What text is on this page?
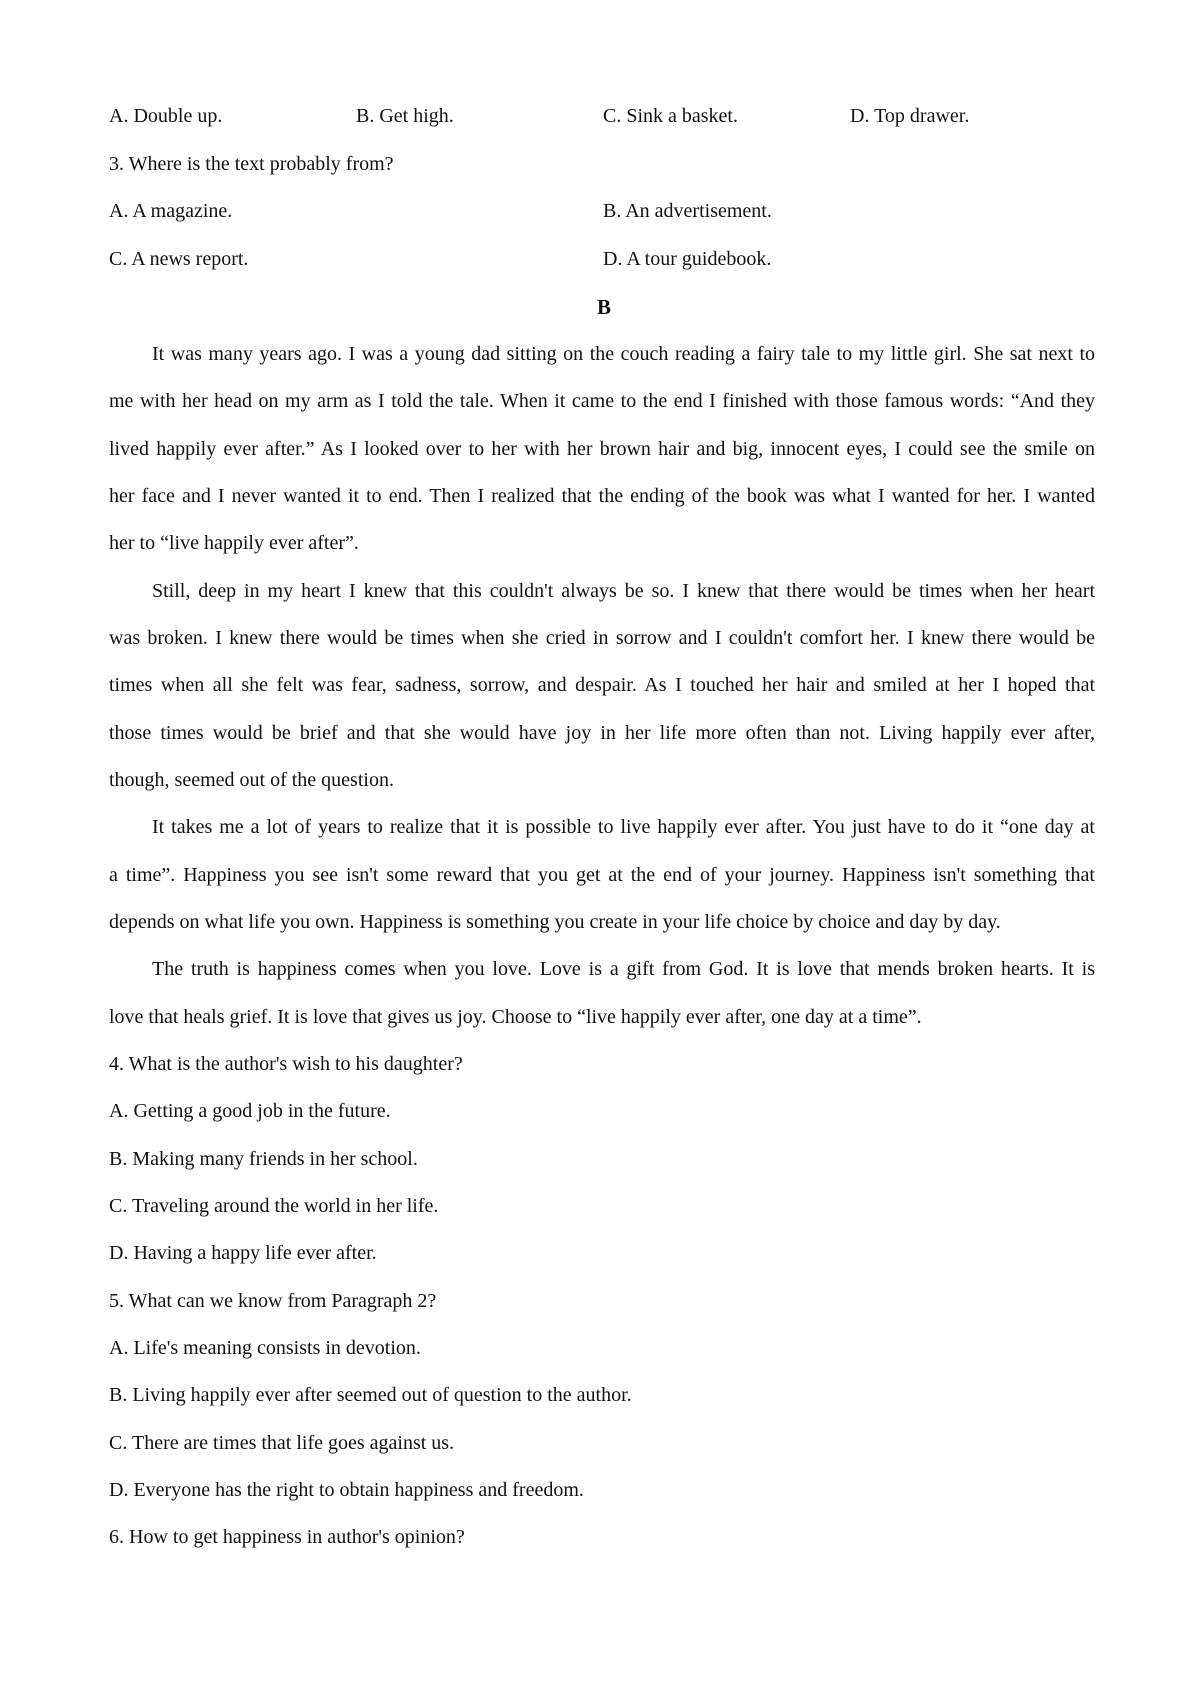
A. Double up.	B. Get high.	C. Sink a basket.	D. Top drawer.
3. Where is the text probably from?
A. A magazine.	B. An advertisement.
C. A news report.	D. A tour guidebook.
B
It was many years ago. I was a young dad sitting on the couch reading a fairy tale to my little girl. She sat next to
me with her head on my arm as I told the tale. When it came to the end I finished with those famous words: “And they
lived happily ever after.” As I looked over to her with her brown hair and big, innocent eyes, I could see the smile on
her face and I never wanted it to end. Then I realized that the ending of the book was what I wanted for her. I wanted
her to “live happily ever after”.
Still, deep in my heart I knew that this couldn't always be so. I knew that there would be times when her heart
was broken. I knew there would be times when she cried in sorrow and I couldn't comfort her. I knew there would be
times when all she felt was fear, sadness, sorrow, and despair. As I touched her hair and smiled at her I hoped that
those times would be brief and that she would have joy in her life more often than not. Living happily ever after,
though, seemed out of the question.
It takes me a lot of years to realize that it is possible to live happily ever after. You just have to do it “one day at
a time”. Happiness you see isn't some reward that you get at the end of your journey. Happiness isn't something that
depends on what life you own. Happiness is something you create in your life choice by choice and day by day.
The truth is happiness comes when you love. Love is a gift from God. It is love that mends broken hearts. It is
love that heals grief. It is love that gives us joy. Choose to “live happily ever after, one day at a time”.
4. What is the author's wish to his daughter?
A. Getting a good job in the future.
B. Making many friends in her school.
C. Traveling around the world in her life.
D. Having a happy life ever after.
5. What can we know from Paragraph 2?
A. Life's meaning consists in devotion.
B. Living happily ever after seemed out of question to the author.
C. There are times that life goes against us.
D. Everyone has the right to obtain happiness and freedom.
6. How to get happiness in author's opinion?
